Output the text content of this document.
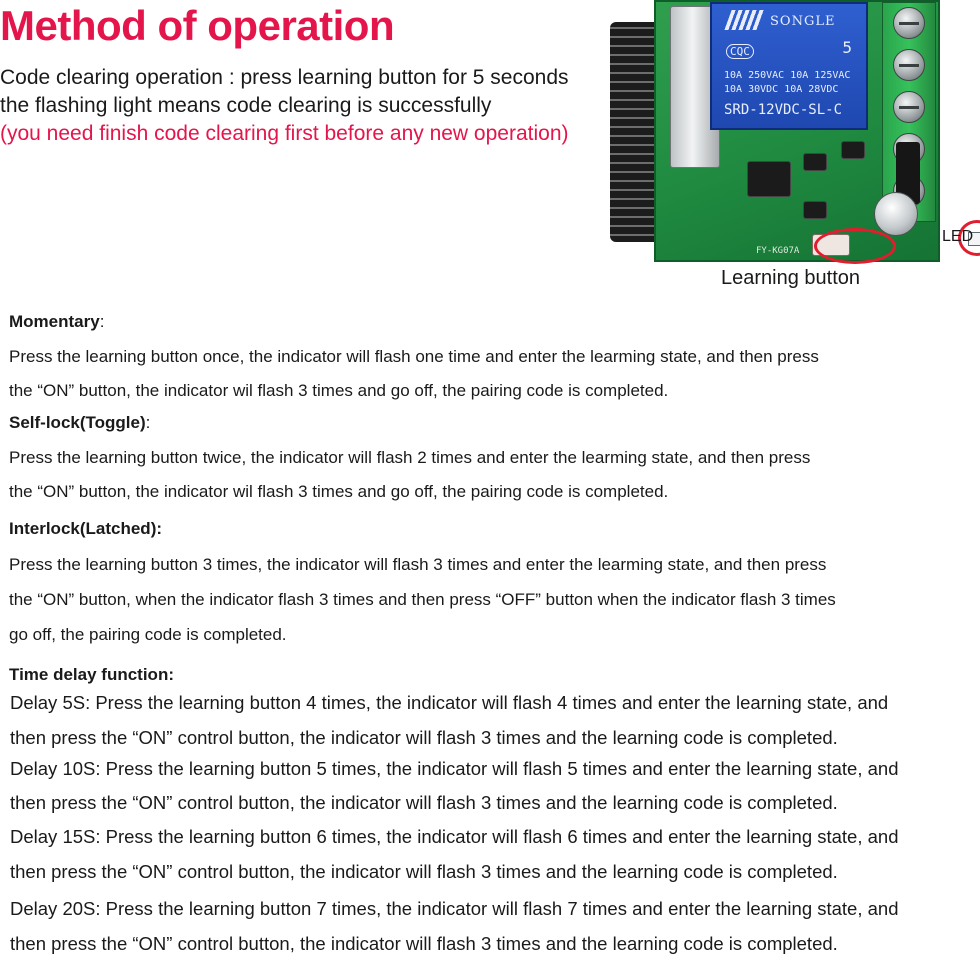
Method of operation
Code clearing operation : press learning button for 5 seconds
the flashing light means code clearing is successfully
(you need finish code clearing first before any new operation)
SONGLE
CQC	5
10A 250VAC 10A 125VAC
10A 30VDC 10A 28VDC
SRD-12VDC-SL-C
FY-KG07A
LED
Learning button
Momentary:
Press the learning button once, the indicator will flash one time and enter the learming state, and then press
the “ON” button, the indicator wil flash 3 times and go off, the pairing code is completed.
Self-lock(Toggle):
Press the learning button twice, the indicator will flash 2 times and enter the learming state, and then press
the “ON” button, the indicator wil flash 3 times and go off, the pairing code is completed.
Interlock(Latched):
Press the learning button 3 times, the indicator will flash 3 times and enter the learming state, and then press
the “ON” button, when the indicator flash 3 times and then press “OFF” button when the indicator flash 3 times
go off, the pairing code is completed.
Time delay function:
Delay 5S: Press the learning button 4 times, the indicator will flash 4 times and enter the learning state, and
then press the “ON” control button, the indicator will flash 3 times and the learning code is completed.
Delay 10S: Press the learning button 5 times, the indicator will flash 5 times and enter the learning state, and
then press the “ON” control button, the indicator will flash 3 times and the learning code is completed.
Delay 15S: Press the learning button 6 times, the indicator will flash 6 times and enter the learning state, and
then press the “ON” control button, the indicator will flash 3 times and the learning code is completed.
Delay 20S: Press the learning button 7 times, the indicator will flash 7 times and enter the learning state, and
then press the “ON” control button, the indicator will flash 3 times and the learning code is completed.
